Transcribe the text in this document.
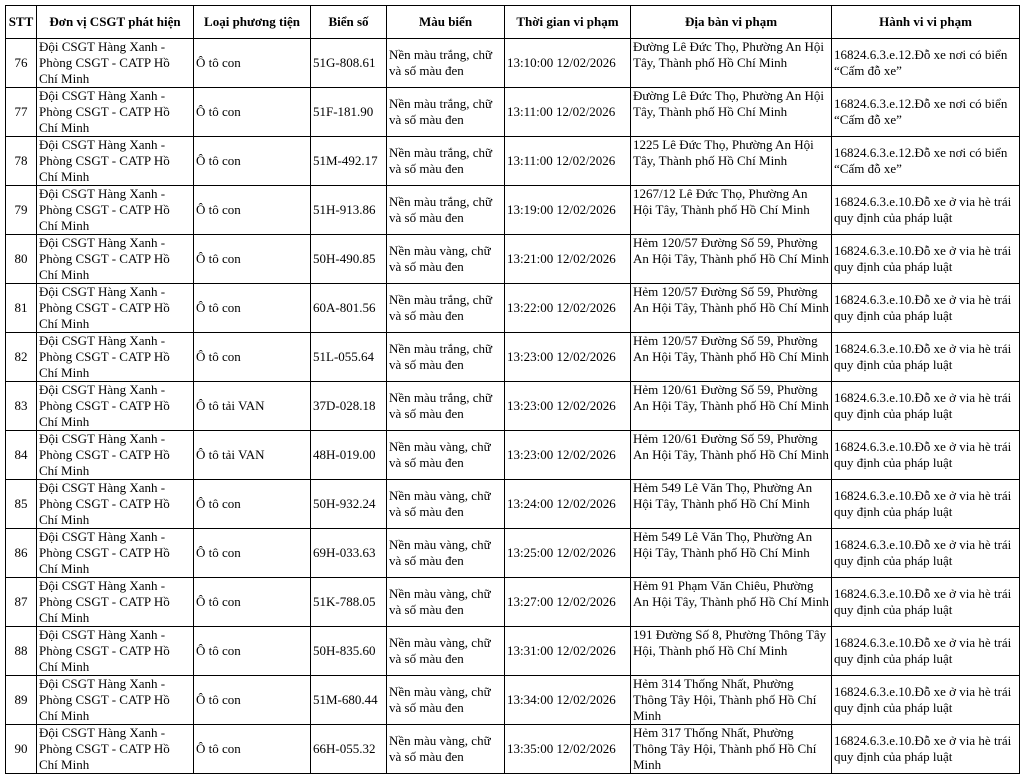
STT	Đơn vị CSGT phát hiện	Loại phương tiện	Biển số	Màu biển	Thời gian vi phạm	Địa bàn vi phạm	Hành vi vi phạm
76	Đội CSGT Hàng Xanh - Phòng CSGT - CATP Hồ Chí Minh	Ô tô con	51G-808.61	Nền màu trắng, chữ và số màu đen	13:10:00 12/02/2026	Đường Lê Đức Thọ, Phường An Hội Tây, Thành phố Hồ Chí Minh	16824.6.3.e.12.Đỗ xe nơi có biển “Cấm đỗ xe”
77	Đội CSGT Hàng Xanh - Phòng CSGT - CATP Hồ Chí Minh	Ô tô con	51F-181.90	Nền màu trắng, chữ và số màu đen	13:11:00 12/02/2026	Đường Lê Đức Thọ, Phường An Hội Tây, Thành phố Hồ Chí Minh	16824.6.3.e.12.Đỗ xe nơi có biển “Cấm đỗ xe”
78	Đội CSGT Hàng Xanh - Phòng CSGT - CATP Hồ Chí Minh	Ô tô con	51M-492.17	Nền màu trắng, chữ và số màu đen	13:11:00 12/02/2026	1225 Lê Đức Thọ, Phường An Hội Tây, Thành phố Hồ Chí Minh	16824.6.3.e.12.Đỗ xe nơi có biển “Cấm đỗ xe”
79	Đội CSGT Hàng Xanh - Phòng CSGT - CATP Hồ Chí Minh	Ô tô con	51H-913.86	Nền màu trắng, chữ và số màu đen	13:19:00 12/02/2026	1267/12 Lê Đức Thọ, Phường An Hội Tây, Thành phố Hồ Chí Minh	16824.6.3.e.10.Đỗ xe ở via hè trái quy định của pháp luật
80	Đội CSGT Hàng Xanh - Phòng CSGT - CATP Hồ Chí Minh	Ô tô con	50H-490.85	Nền màu vàng, chữ và số màu đen	13:21:00 12/02/2026	Hẻm 120/57 Đường Số 59, Phường An Hội Tây, Thành phố Hồ Chí Minh	16824.6.3.e.10.Đỗ xe ở via hè trái quy định của pháp luật
81	Đội CSGT Hàng Xanh - Phòng CSGT - CATP Hồ Chí Minh	Ô tô con	60A-801.56	Nền màu trắng, chữ và số màu đen	13:22:00 12/02/2026	Hẻm 120/57 Đường Số 59, Phường An Hội Tây, Thành phố Hồ Chí Minh	16824.6.3.e.10.Đỗ xe ở via hè trái quy định của pháp luật
82	Đội CSGT Hàng Xanh - Phòng CSGT - CATP Hồ Chí Minh	Ô tô con	51L-055.64	Nền màu trắng, chữ và số màu đen	13:23:00 12/02/2026	Hẻm 120/57 Đường Số 59, Phường An Hội Tây, Thành phố Hồ Chí Minh	16824.6.3.e.10.Đỗ xe ở via hè trái quy định của pháp luật
83	Đội CSGT Hàng Xanh - Phòng CSGT - CATP Hồ Chí Minh	Ô tô tải VAN	37D-028.18	Nền màu trắng, chữ và số màu đen	13:23:00 12/02/2026	Hẻm 120/61 Đường Số 59, Phường An Hội Tây, Thành phố Hồ Chí Minh	16824.6.3.e.10.Đỗ xe ở via hè trái quy định của pháp luật
84	Đội CSGT Hàng Xanh - Phòng CSGT - CATP Hồ Chí Minh	Ô tô tải VAN	48H-019.00	Nền màu vàng, chữ và số màu đen	13:23:00 12/02/2026	Hẻm 120/61 Đường Số 59, Phường An Hội Tây, Thành phố Hồ Chí Minh	16824.6.3.e.10.Đỗ xe ở via hè trái quy định của pháp luật
85	Đội CSGT Hàng Xanh - Phòng CSGT - CATP Hồ Chí Minh	Ô tô con	50H-932.24	Nền màu vàng, chữ và số màu đen	13:24:00 12/02/2026	Hẻm 549 Lê Văn Thọ, Phường An Hội Tây, Thành phố Hồ Chí Minh	16824.6.3.e.10.Đỗ xe ở via hè trái quy định của pháp luật
86	Đội CSGT Hàng Xanh - Phòng CSGT - CATP Hồ Chí Minh	Ô tô con	69H-033.63	Nền màu vàng, chữ và số màu đen	13:25:00 12/02/2026	Hẻm 549 Lê Văn Thọ, Phường An Hội Tây, Thành phố Hồ Chí Minh	16824.6.3.e.10.Đỗ xe ở via hè trái quy định của pháp luật
87	Đội CSGT Hàng Xanh - Phòng CSGT - CATP Hồ Chí Minh	Ô tô con	51K-788.05	Nền màu vàng, chữ và số màu đen	13:27:00 12/02/2026	Hẻm 91 Phạm Văn Chiêu, Phường An Hội Tây, Thành phố Hồ Chí Minh	16824.6.3.e.10.Đỗ xe ở via hè trái quy định của pháp luật
88	Đội CSGT Hàng Xanh - Phòng CSGT - CATP Hồ Chí Minh	Ô tô con	50H-835.60	Nền màu vàng, chữ và số màu đen	13:31:00 12/02/2026	191 Đường Số 8, Phường Thông Tây Hội, Thành phố Hồ Chí Minh	16824.6.3.e.10.Đỗ xe ở via hè trái quy định của pháp luật
89	Đội CSGT Hàng Xanh - Phòng CSGT - CATP Hồ Chí Minh	Ô tô con	51M-680.44	Nền màu vàng, chữ và số màu đen	13:34:00 12/02/2026	Hẻm 314 Thống Nhất, Phường Thông Tây Hội, Thành phố Hồ Chí Minh	16824.6.3.e.10.Đỗ xe ở via hè trái quy định của pháp luật
90	Đội CSGT Hàng Xanh - Phòng CSGT - CATP Hồ Chí Minh	Ô tô con	66H-055.32	Nền màu vàng, chữ và số màu đen	13:35:00 12/02/2026	Hẻm 317 Thống Nhất, Phường Thông Tây Hội, Thành phố Hồ Chí Minh	16824.6.3.e.10.Đỗ xe ở via hè trái quy định của pháp luật
